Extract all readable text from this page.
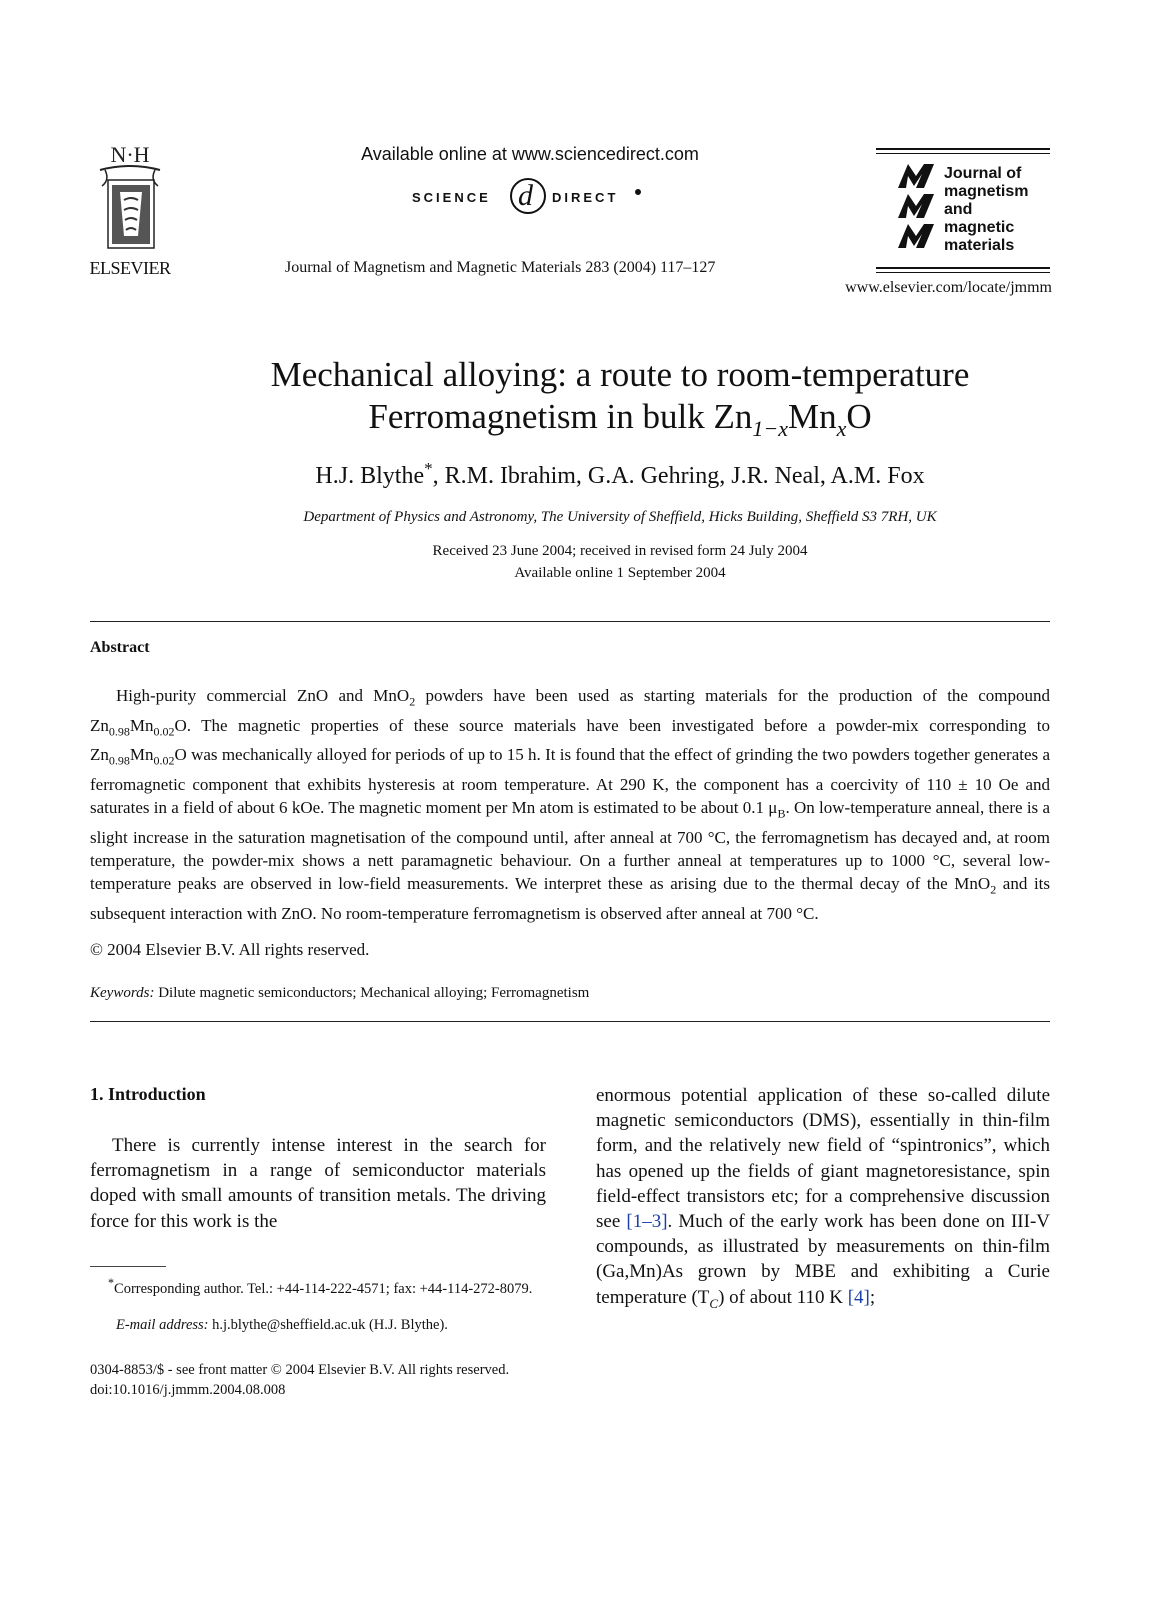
N·H
ELSEVIER
Available online at www.sciencedirect.com
SCIENCE d DIRECT
Journal of Magnetism and Magnetic Materials 283 (2004) 117–127
Journal of
magnetism
and
magnetic
materials
www.elsevier.com/locate/jmmm
Mechanical alloying: a route to room-temperature
Ferromagnetism in bulk $Zn_{1-x}Mn_xO$
H.J. Blythe*, R.M. Ibrahim, G.A. Gehring, J.R. Neal, A.M. Fox
Department of Physics and Astronomy, The University of Sheffield, Hicks Building, Sheffield S3 7RH, UK
Received 23 June 2004; received in revised form 24 July 2004
Available online 1 September 2004
Abstract

High-purity commercial ZnO and MnO$_2$ powders have been used as starting materials for the production of the compound $Zn_{0.98}Mn_{0.02}O$. The magnetic properties of these source materials have been investigated before a powder-mix corresponding to $Zn_{0.98}Mn_{0.02}O$ was mechanically alloyed for periods of up to 15 h. It is found that the effect of grinding the two powders together generates a ferromagnetic component that exhibits hysteresis at room temperature. At 290 K, the component has a coercivity of 110 ± 10 Oe and saturates in a field of about 6 kOe. The magnetic moment per Mn atom is estimated to be about 0.1 $\mu_B$. On low-temperature anneal, there is a slight increase in the saturation magnetisation of the compound until, after anneal at 700 °C, the ferromagnetism has decayed and, at room temperature, the powder-mix shows a nett paramagnetic behaviour. On a further anneal at temperatures up to 1000 °C, several low-temperature peaks are observed in low-field measurements. We interpret these as arising due to the thermal decay of the MnO$_2$ and its subsequent interaction with ZnO. No room-temperature ferromagnetism is observed after anneal at 700 °C.

© 2004 Elsevier B.V. All rights reserved.
Keywords: Dilute magnetic semiconductors; Mechanical alloying; Ferromagnetism
1. Introduction

There is currently intense interest in the search for ferromagnetism in a range of semiconductor materials doped with small amounts of transition metals. The driving force for this work is the

enormous potential application of these so-called dilute magnetic semiconductors (DMS), essentially in thin-film form, and the relatively new field of “spintronics”, which has opened up the fields of giant magnetoresistance, spin field-effect transistors etc; for a comprehensive discussion see [1–3]. Much of the early work has been done on III-V compounds, as illustrated by measurements on thin-film (Ga,Mn)As grown by MBE and exhibiting a Curie temperature $(T_C)$ of about 110 K [4];

*Corresponding author. Tel.: +44-114-222-4571; fax: +44-114-272-8079.
E-mail address: h.j.blythe@sheffield.ac.uk (H.J. Blythe).
0304-8853/$ - see front matter © 2004 Elsevier B.V. All rights reserved.
doi:10.1016/j.jmmm.2004.08.008
